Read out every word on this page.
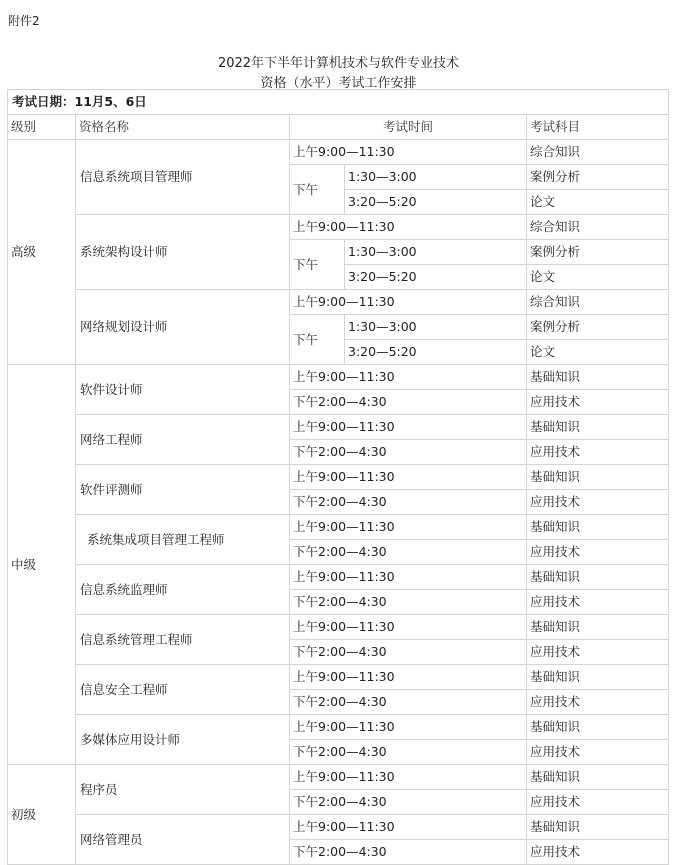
附件2
2022年下半年计算机技术与软件专业技术
资格（水平）考试工作安排
考试日期：11月5、6日				
级别	资格名称	考试时间		考试科目
高级	信息系统项目管理师	上午9:00—11:30		综合知识
		下午	1:30—3:00	案例分析
			3:20—5:20	论文
	系统架构设计师	上午9:00—11:30		综合知识
		下午	1:30—3:00	案例分析
			3:20—5:20	论文
	网络规划设计师	上午9:00—11:30		综合知识
		下午	1:30—3:00	案例分析
			3:20—5:20	论文
中级	软件设计师	上午9:00—11:30		基础知识
		下午2:00—4:30		应用技术
	网络工程师	上午9:00—11:30		基础知识
		下午2:00—4:30		应用技术
	软件评测师	上午9:00—11:30		基础知识
		下午2:00—4:30		应用技术
	系统集成项目管理工程师	上午9:00—11:30		基础知识
		下午2:00—4:30		应用技术
	信息系统监理师	上午9:00—11:30		基础知识
		下午2:00—4:30		应用技术
	信息系统管理工程师	上午9:00—11:30		基础知识
		下午2:00—4:30		应用技术
	信息安全工程师	上午9:00—11:30		基础知识
		下午2:00—4:30		应用技术
	多媒体应用设计师	上午9:00—11:30		基础知识
		下午2:00—4:30		应用技术
初级	程序员	上午9:00—11:30		基础知识
		下午2:00—4:30		应用技术
	网络管理员	上午9:00—11:30		基础知识
		下午2:00—4:30		应用技术
